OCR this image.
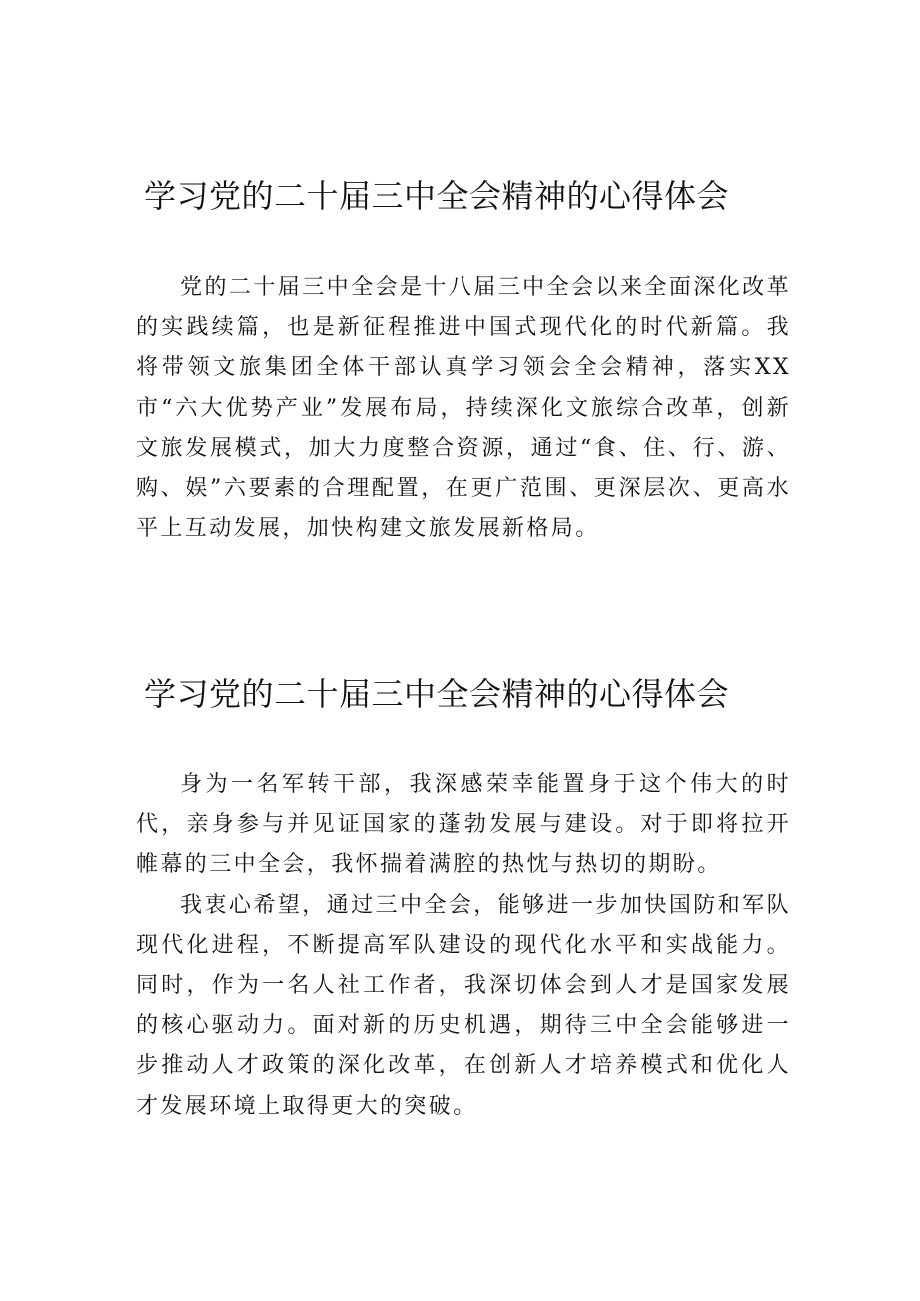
学习党的二十届三中全会精神的心得体会

党的二十届三中全会是十八届三中全会以来全面深化改革的实践续篇，也是新征程推进中国式现代化的时代新篇。我将带领文旅集团全体干部认真学习领会全会精神，落实XX市“六大优势产业”发展布局，持续深化文旅综合改革，创新文旅发展模式，加大力度整合资源，通过“食、住、行、游、购、娱”六要素的合理配置，在更广范围、更深层次、更高水平上互动发展，加快构建文旅发展新格局。

学习党的二十届三中全会精神的心得体会

身为一名军转干部，我深感荣幸能置身于这个伟大的时代，亲身参与并见证国家的蓬勃发展与建设。对于即将拉开帷幕的三中全会，我怀揣着满腔的热忱与热切的期盼。

我衷心希望，通过三中全会，能够进一步加快国防和军队现代化进程，不断提高军队建设的现代化水平和实战能力。同时，作为一名人社工作者，我深切体会到人才是国家发展的核心驱动力。面对新的历史机遇，期待三中全会能够进一步推动人才政策的深化改革，在创新人才培养模式和优化人才发展环境上取得更大的突破。
